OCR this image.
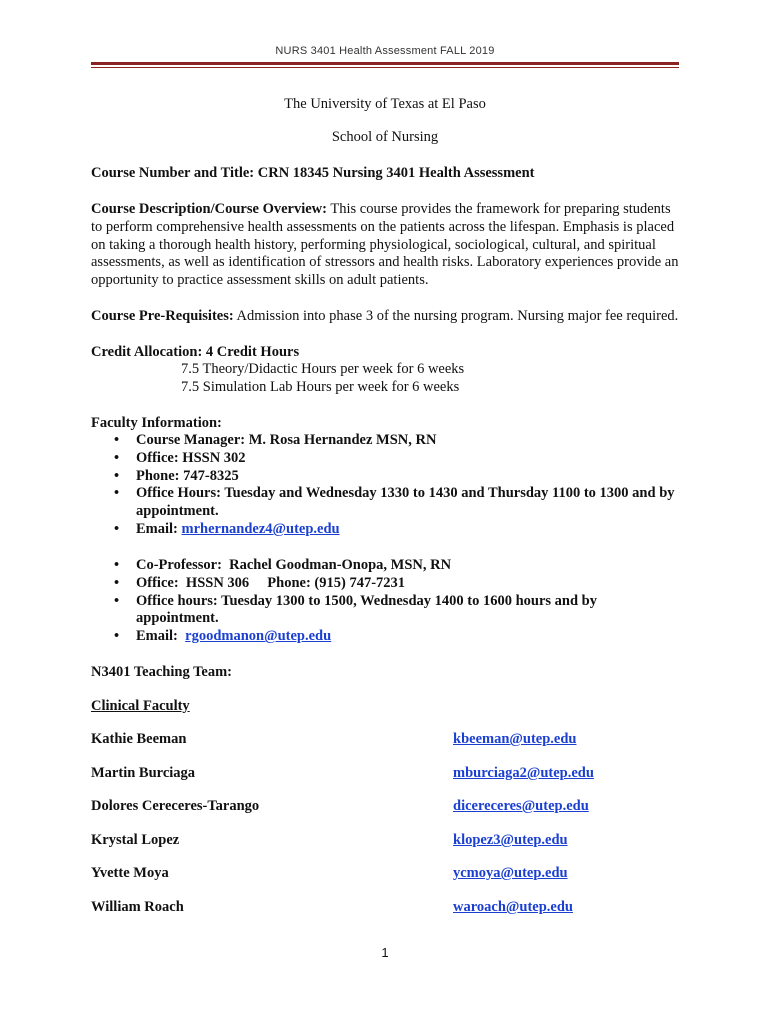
NURS 3401 Health Assessment FALL 2019
The University of Texas at El Paso
School of Nursing
Course Number and Title: CRN 18345 Nursing 3401 Health Assessment
Course Description/Course Overview: This course provides the framework for preparing students to perform comprehensive health assessments on the patients across the lifespan. Emphasis is placed on taking a thorough health history, performing physiological, sociological, cultural, and spiritual assessments, as well as identification of stressors and health risks. Laboratory experiences provide an opportunity to practice assessment skills on adult patients.
Course Pre-Requisites: Admission into phase 3 of the nursing program. Nursing major fee required.
Credit Allocation: 4 Credit Hours
7.5 Theory/Didactic Hours per week for 6 weeks
7.5 Simulation Lab Hours per week for 6 weeks
Faculty Information:
• Course Manager: M. Rosa Hernandez MSN, RN
• Office: HSSN 302
• Phone: 747-8325
• Office Hours: Tuesday and Wednesday 1330 to 1430 and Thursday 1100 to 1300 and by appointment.
• Email: mrhernandez4@utep.edu
• Co-Professor:  Rachel Goodman-Onopa, MSN, RN
• Office:  HSSN 306     Phone: (915) 747-7231
• Office hours: Tuesday 1300 to 1500, Wednesday 1400 to 1600 hours and by appointment.
• Email: rgoodmanon@utep.edu
N3401 Teaching Team:
Clinical Faculty
Kathie Beeman	kbeeman@utep.edu
Martin Burciaga	mburciaga2@utep.edu
Dolores Cereceres-Tarango	dicereceres@utep.edu
Krystal Lopez	klopez3@utep.edu
Yvette Moya	ycmoya@utep.edu
William Roach	waroach@utep.edu
1
